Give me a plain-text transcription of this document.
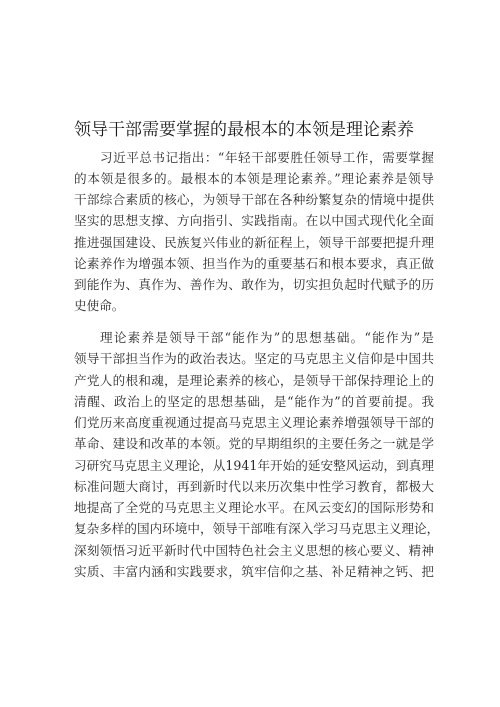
领导干部需要掌握的最根本的本领是理论素养

习近平总书记指出：“年轻干部要胜任领导工作，需要掌握

的本领是很多的。最根本的本领是理论素养。”理论素养是领导

干部综合素质的核心，为领导干部在各种纷繁复杂的情境中提供

坚实的思想支撑、方向指引、实践指南。在以中国式现代化全面

推进强国建设、民族复兴伟业的新征程上，领导干部要把提升理

论素养作为增强本领、担当作为的重要基石和根本要求，真正做

到能作为、真作为、善作为、敢作为，切实担负起时代赋予的历

史使命。

理论素养是领导干部“能作为”的思想基础。“能作为”是

领导干部担当作为的政治表达。坚定的马克思主义信仰是中国共

产党人的根和魂，是理论素养的核心，是领导干部保持理论上的

清醒、政治上的坚定的思想基础，是“能作为”的首要前提。我

们党历来高度重视通过提高马克思主义理论素养增强领导干部的

革命、建设和改革的本领。党的早期组织的主要任务之一就是学

习研究马克思主义理论，从1941年开始的延安整风运动，到真理

标准问题大商讨，再到新时代以来历次集中性学习教育，都极大

地提高了全党的马克思主义理论水平。在风云变幻的国际形势和

复杂多样的国内环境中，领导干部唯有深入学习马克思主义理论，

深刻领悟习近平新时代中国特色社会主义思想的核心要义、精神

实质、丰富内涵和实践要求，筑牢信仰之基、补足精神之钙、把
